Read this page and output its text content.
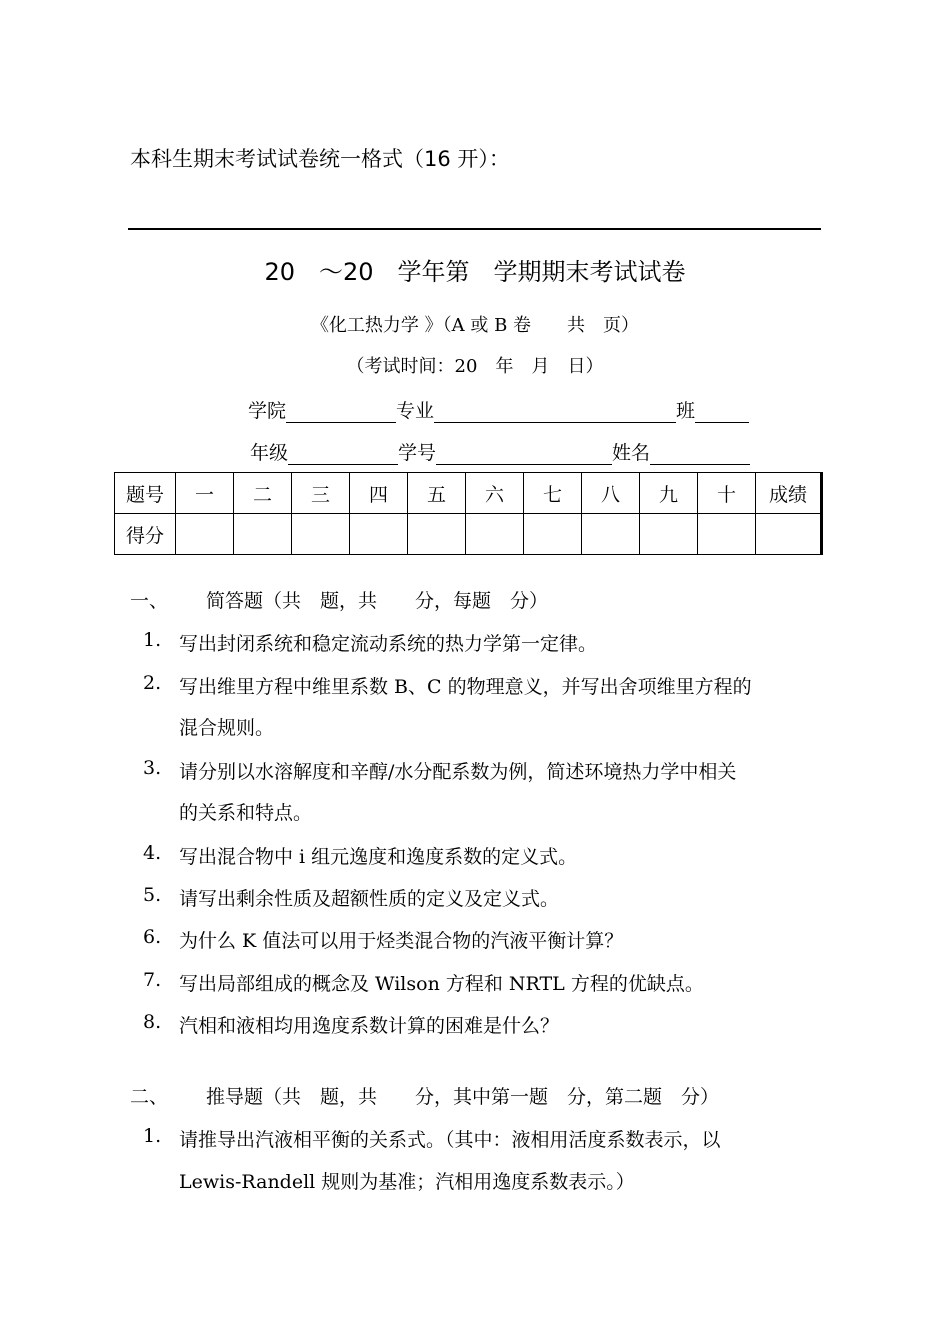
本科生期末考试试卷统一格式（16 开）：
20　～20　学年第　学期期末考试试卷
《化工热力学 》（A 或 B 卷　　共　页）
（考试时间：20　年　月　日）
学院	专业	班
年级	学号	姓名
题号	一	二	三	四	五	六	七	八	九	十	成绩
得分											
一、 简答题（共　题，共　　分，每题　分）
1. 写出封闭系统和稳定流动系统的热力学第一定律。
2. 写出维里方程中维里系数 B、C 的物理意义，并写出舍项维里方程的
混合规则。
3. 请分别以水溶解度和辛醇/水分配系数为例，简述环境热力学中相关
的关系和特点。
4. 写出混合物中 i 组元逸度和逸度系数的定义式。
5. 请写出剩余性质及超额性质的定义及定义式。
6. 为什么 K 值法可以用于烃类混合物的汽液平衡计算？
7. 写出局部组成的概念及 Wilson 方程和 NRTL 方程的优缺点。
8. 汽相和液相均用逸度系数计算的困难是什么？
二、 推导题（共　题，共　　分，其中第一题　分，第二题　分）
1. 请推导出汽液相平衡的关系式。（其中：液相用活度系数表示，以
Lewis-Randell 规则为基准；汽相用逸度系数表示。）
